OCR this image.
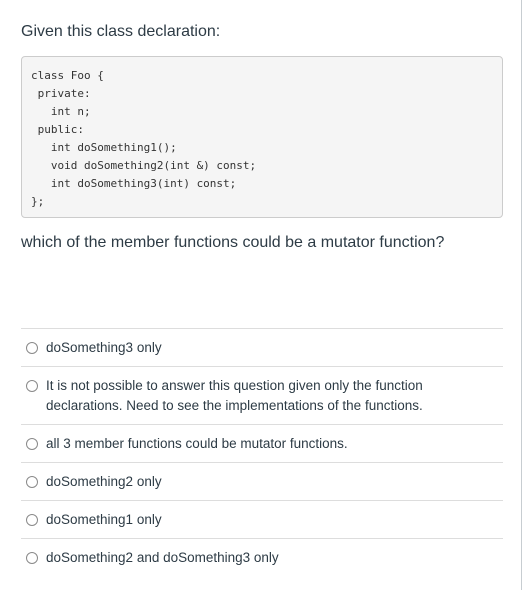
Given this class declaration:
class Foo {
private:
int n;
public:
int doSomething1();
void doSomething2(int &) const;
int doSomething3(int) const;
};
which of the member functions could be a mutator function?
doSomething3 only
It is not possible to answer this question given only the function
declarations. Need to see the implementations of the functions.
all 3 member functions could be mutator functions.
doSomething2 only
doSomething1 only
doSomething2 and doSomething3 only
